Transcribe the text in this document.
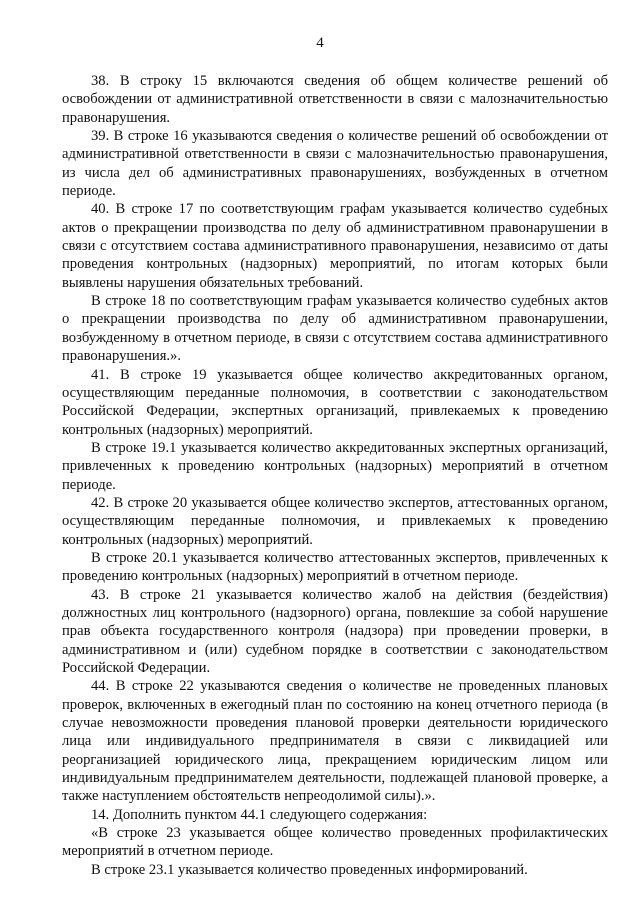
4

38. В строку 15 включаются сведения об общем количестве решений об освобождении от административной ответственности в связи с малозначительностью правонарушения.

39. В строке 16 указываются сведения о количестве решений об освобождении от административной ответственности в связи с малозначительностью правонарушения, из числа дел об административных правонарушениях, возбужденных в отчетном периоде.

40. В строке 17 по соответствующим графам указывается количество судебных актов о прекращении производства по делу об административном правонарушении в связи с отсутствием состава административного правонарушения, независимо от даты проведения контрольных (надзорных) мероприятий, по итогам которых были выявлены нарушения обязательных требований.

В строке 18 по соответствующим графам указывается количество судебных актов о прекращении производства по делу об административном правонарушении, возбужденному в отчетном периоде, в связи с отсутствием состава административного правонарушения.».

41. В строке 19 указывается общее количество аккредитованных органом, осуществляющим переданные полномочия, в соответствии с законодательством Российской Федерации, экспертных организаций, привлекаемых к проведению контрольных (надзорных) мероприятий.

В строке 19.1 указывается количество аккредитованных экспертных организаций, привлеченных к проведению контрольных (надзорных) мероприятий в отчетном периоде.

42. В строке 20 указывается общее количество экспертов, аттестованных органом, осуществляющим переданные полномочия, и привлекаемых к проведению контрольных (надзорных) мероприятий.

В строке 20.1 указывается количество аттестованных экспертов, привлеченных к проведению контрольных (надзорных) мероприятий в отчетном периоде.

43. В строке 21 указывается количество жалоб на действия (бездействия) должностных лиц контрольного (надзорного) органа, повлекшие за собой нарушение прав объекта государственного контроля (надзора) при проведении проверки, в административном и (или) судебном порядке в соответствии с законодательством Российской Федерации.

44. В строке 22 указываются сведения о количестве не проведенных плановых проверок, включенных в ежегодный план по состоянию на конец отчетного периода (в случае невозможности проведения плановой проверки деятельности юридического лица или индивидуального предпринимателя в связи с ликвидацией или реорганизацией юридического лица, прекращением юридическим лицом или индивидуальным предпринимателем деятельности, подлежащей плановой проверке, а также наступлением обстоятельств непреодолимой силы).».

14. Дополнить пунктом 44.1 следующего содержания:

«В строке 23 указывается общее количество проведенных профилактических мероприятий в отчетном периоде.

В строке 23.1 указывается количество проведенных информирований.
